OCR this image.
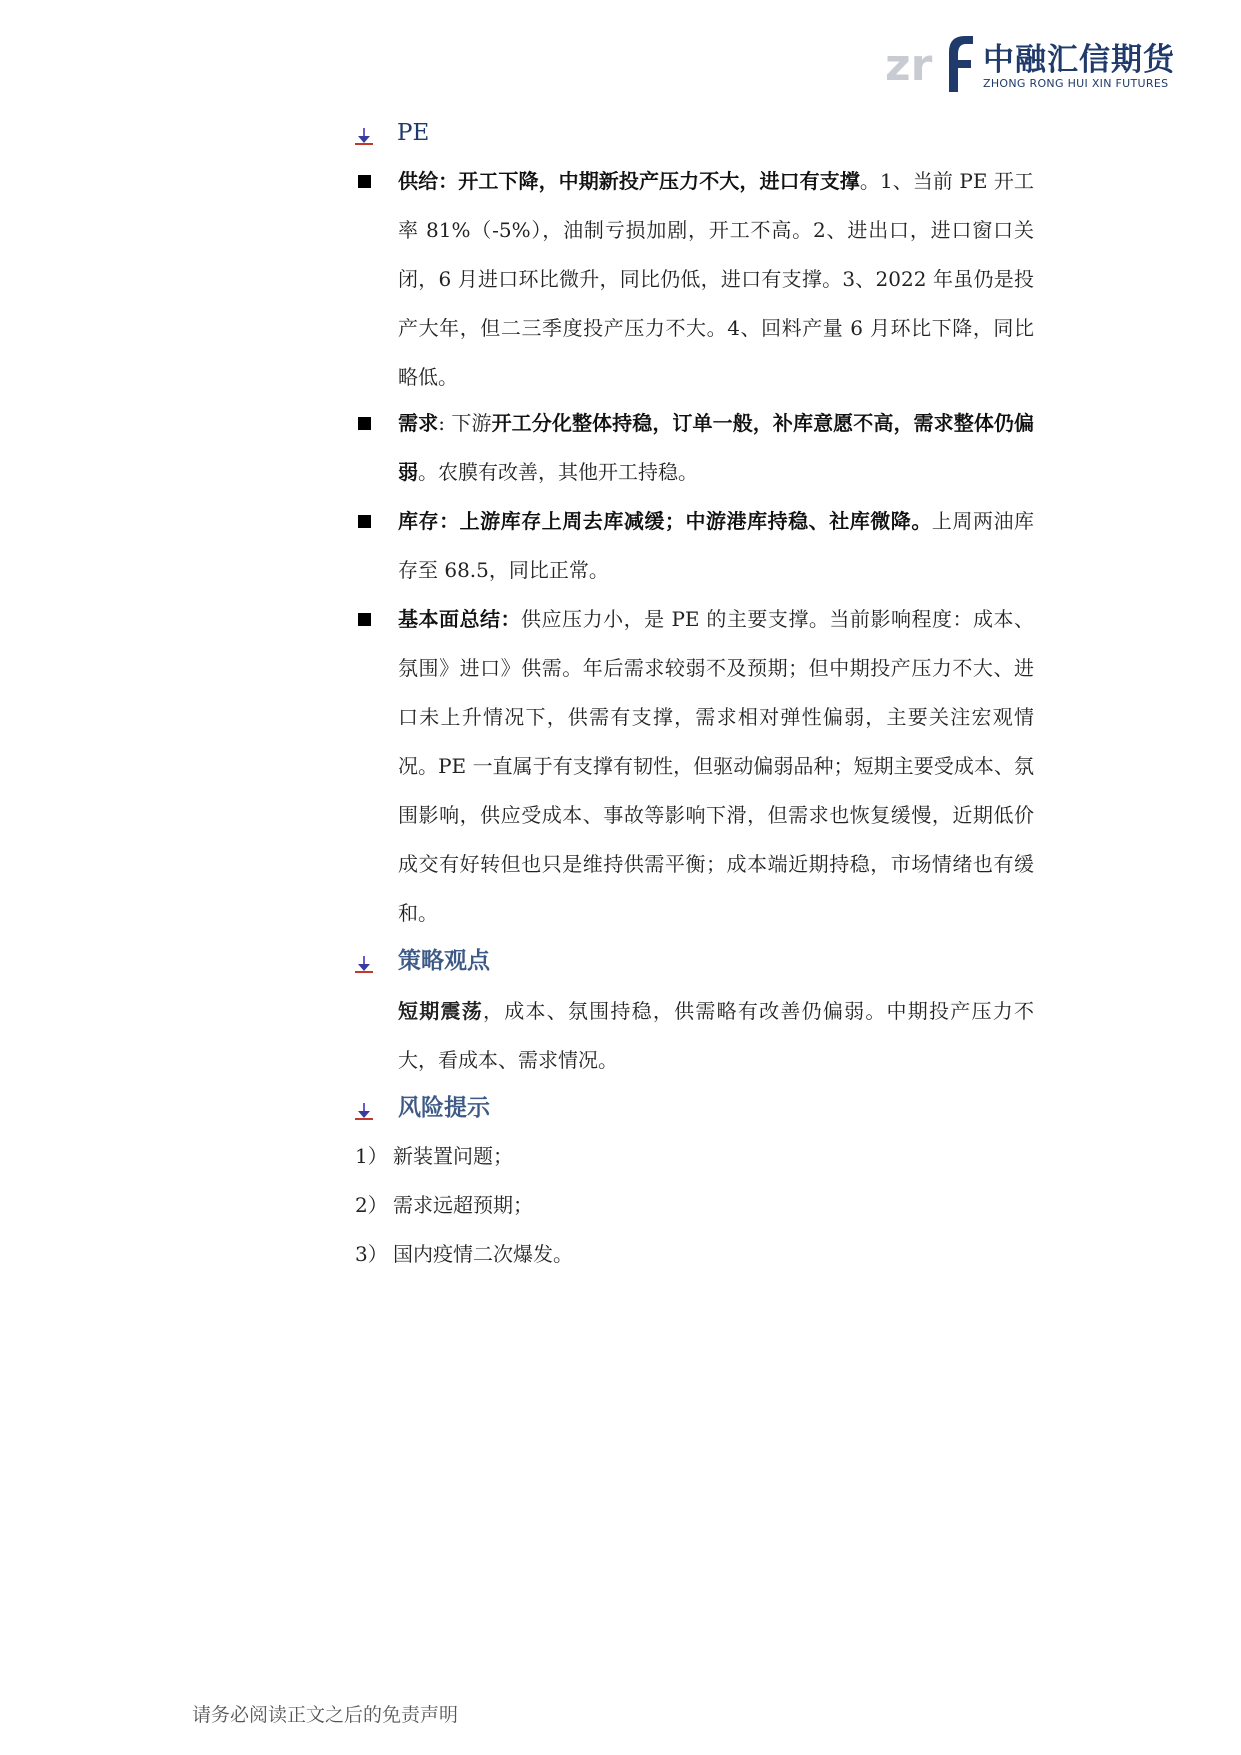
zr 中融汇信期货
ZHONG RONG HUI XIN FUTURES
PE

供给：开工下降，中期新投产压力不大，进口有支撑。1、当前 PE 开工率 81%（-5%），油制亏损加剧，开工不高。2、进出口，进口窗口关闭，6 月进口环比微升，同比仍低，进口有支撑。3、2022 年虽仍是投产大年，但二三季度投产压力不大。4、回料产量 6 月环比下降，同比略低。

需求: 下游开工分化整体持稳，订单一般，补库意愿不高，需求整体仍偏弱。农膜有改善，其他开工持稳。

库存：上游库存上周去库减缓；中游港库持稳、社库微降。上周两油库存至 68.5，同比正常。

基本面总结：供应压力小，是 PE 的主要支撑。当前影响程度：成本、氛围》进口》供需。年后需求较弱不及预期；但中期投产压力不大、进口未上升情况下，供需有支撑，需求相对弹性偏弱，主要关注宏观情况。PE 一直属于有支撑有韧性，但驱动偏弱品种；短期主要受成本、氛围影响，供应受成本、事故等影响下滑，但需求也恢复缓慢，近期低价成交有好转但也只是维持供需平衡；成本端近期持稳，市场情绪也有缓和。

策略观点

短期震荡，成本、氛围持稳，供需略有改善仍偏弱。中期投产压力不大，看成本、需求情况。

风险提示
1） 新装置问题；
2） 需求远超预期；
3） 国内疫情二次爆发。
请务必阅读正文之后的免责声明
